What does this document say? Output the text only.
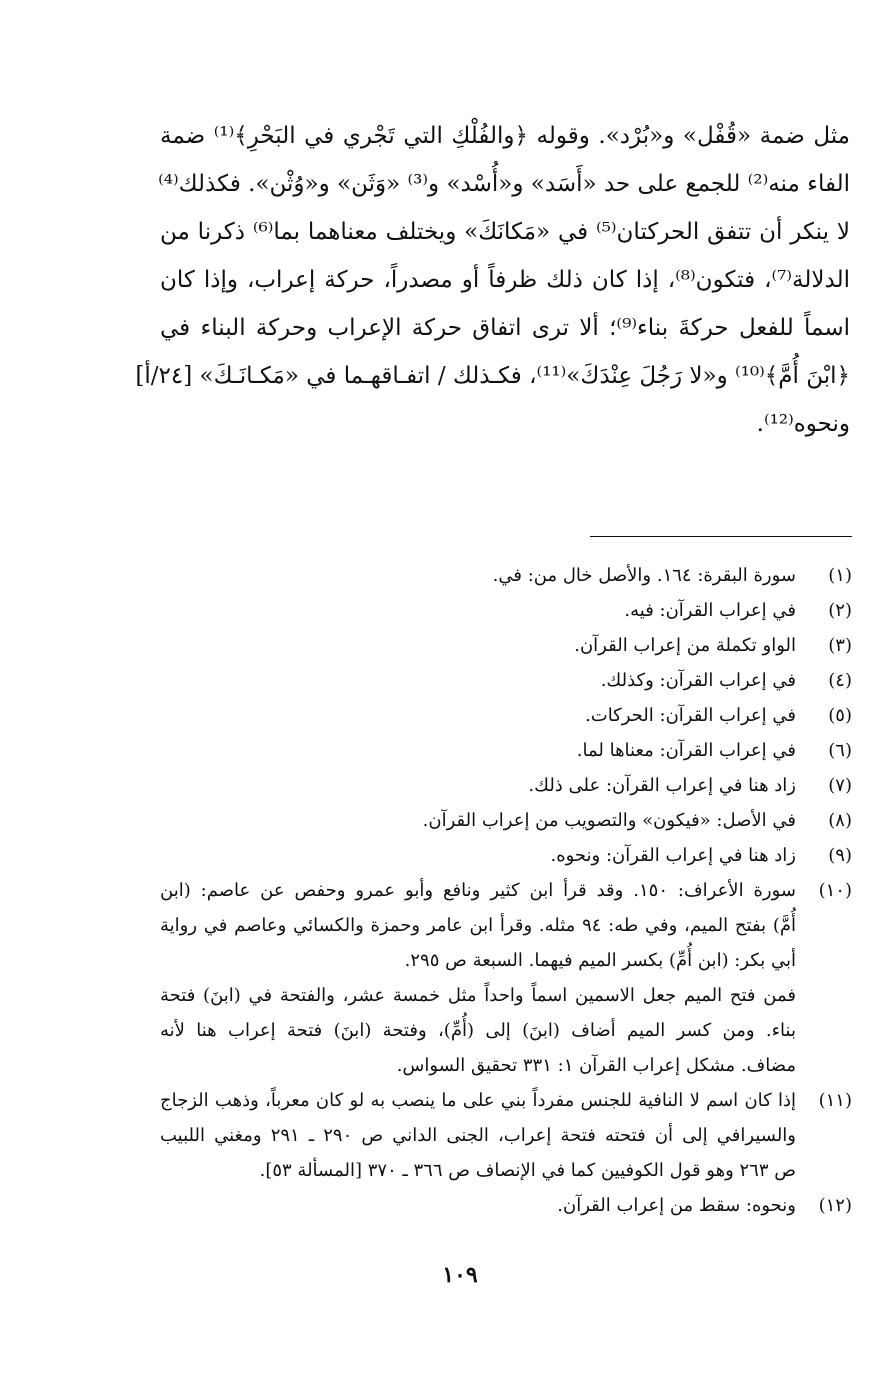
مثل ضمة «قُفْل» و«بُرْد». وقوله ﴿والفُلْكِ التي تَجْري في البَحْرِ﴾⁽¹⁾ ضمة
الفاء منه⁽²⁾ للجمع على حد «أَسَد» و«أُسْد» و⁽³⁾ «وَثَن» و«وُثْن». فكذلك⁽⁴⁾
لا ينكر أن تتفق الحركتان⁽⁵⁾ في «مَكانَكَ» ويختلف معناهما بما⁽⁶⁾ ذكرنا من
الدلالة⁽⁷⁾، فتكون⁽⁸⁾، إذا كان ذلك ظرفاً أو مصدراً، حركة إعراب، وإذا كان
اسماً للفعل حركةَ بناء⁽⁹⁾؛ ألا ترى اتفاق حركة الإعراب وحركة البناء في
﴿ابْنَ أُمَّ﴾⁽¹⁰⁾ و«لا رَجُلَ عِنْدَكَ»⁽¹¹⁾، فكـذلك / اتفـاقهـما في «مَكـانَـكَ» [٢٤/أ]
ونحوه⁽¹²⁾.
(١)
سورة البقرة: ١٦٤. والأصل خال من: في.
(٢)
في إعراب القرآن: فيه.
(٣)
الواو تكملة من إعراب القرآن.
(٤)
في إعراب القرآن: وكذلك.
(٥)
في إعراب القرآن: الحركات.
(٦)
في إعراب القرآن: معناها لما.
(٧)
زاد هنا في إعراب القرآن: على ذلك.
(٨)
في الأصل: «فيكون» والتصويب من إعراب القرآن.
(٩)
زاد هنا في إعراب القرآن: ونحوه.
(١٠)
سورة الأعراف: ١٥٠. وقد قرأ ابن كثير ونافع وأبو عمرو وحفص عن عاصم: (ابن
أُمَّ) بفتح الميم، وفي طه: ٩٤ مثله. وقرأ ابن عامر وحمزة والكسائي وعاصم في رواية
أبي بكر: (ابن أُمِّ) بكسر الميم فيهما. السبعة ص ٢٩٥.
فمن فتح الميم جعل الاسمين اسماً واحداً مثل خمسة عشر، والفتحة في (ابنَ) فتحة
بناء. ومن كسر الميم أضاف (ابنَ) إلى (أُمِّ)، وفتحة (ابنَ) فتحة إعراب هنا لأنه
مضاف. مشكل إعراب القرآن ١: ٣٣١ تحقيق السواس.
(١١)
إذا كان اسم لا النافية للجنس مفرداً بني على ما ينصب به لو كان معرباً، وذهب الزجاج
والسيرافي إلى أن فتحته فتحة إعراب، الجنى الداني ص ٢٩٠ ـ ٢٩١ ومغني اللبيب
ص ٢٦٣ وهو قول الكوفيين كما في الإنصاف ص ٣٦٦ ـ ٣٧٠ [المسألة ٥٣].
(١٢)
ونحوه: سقط من إعراب القرآن.
١٠٩
